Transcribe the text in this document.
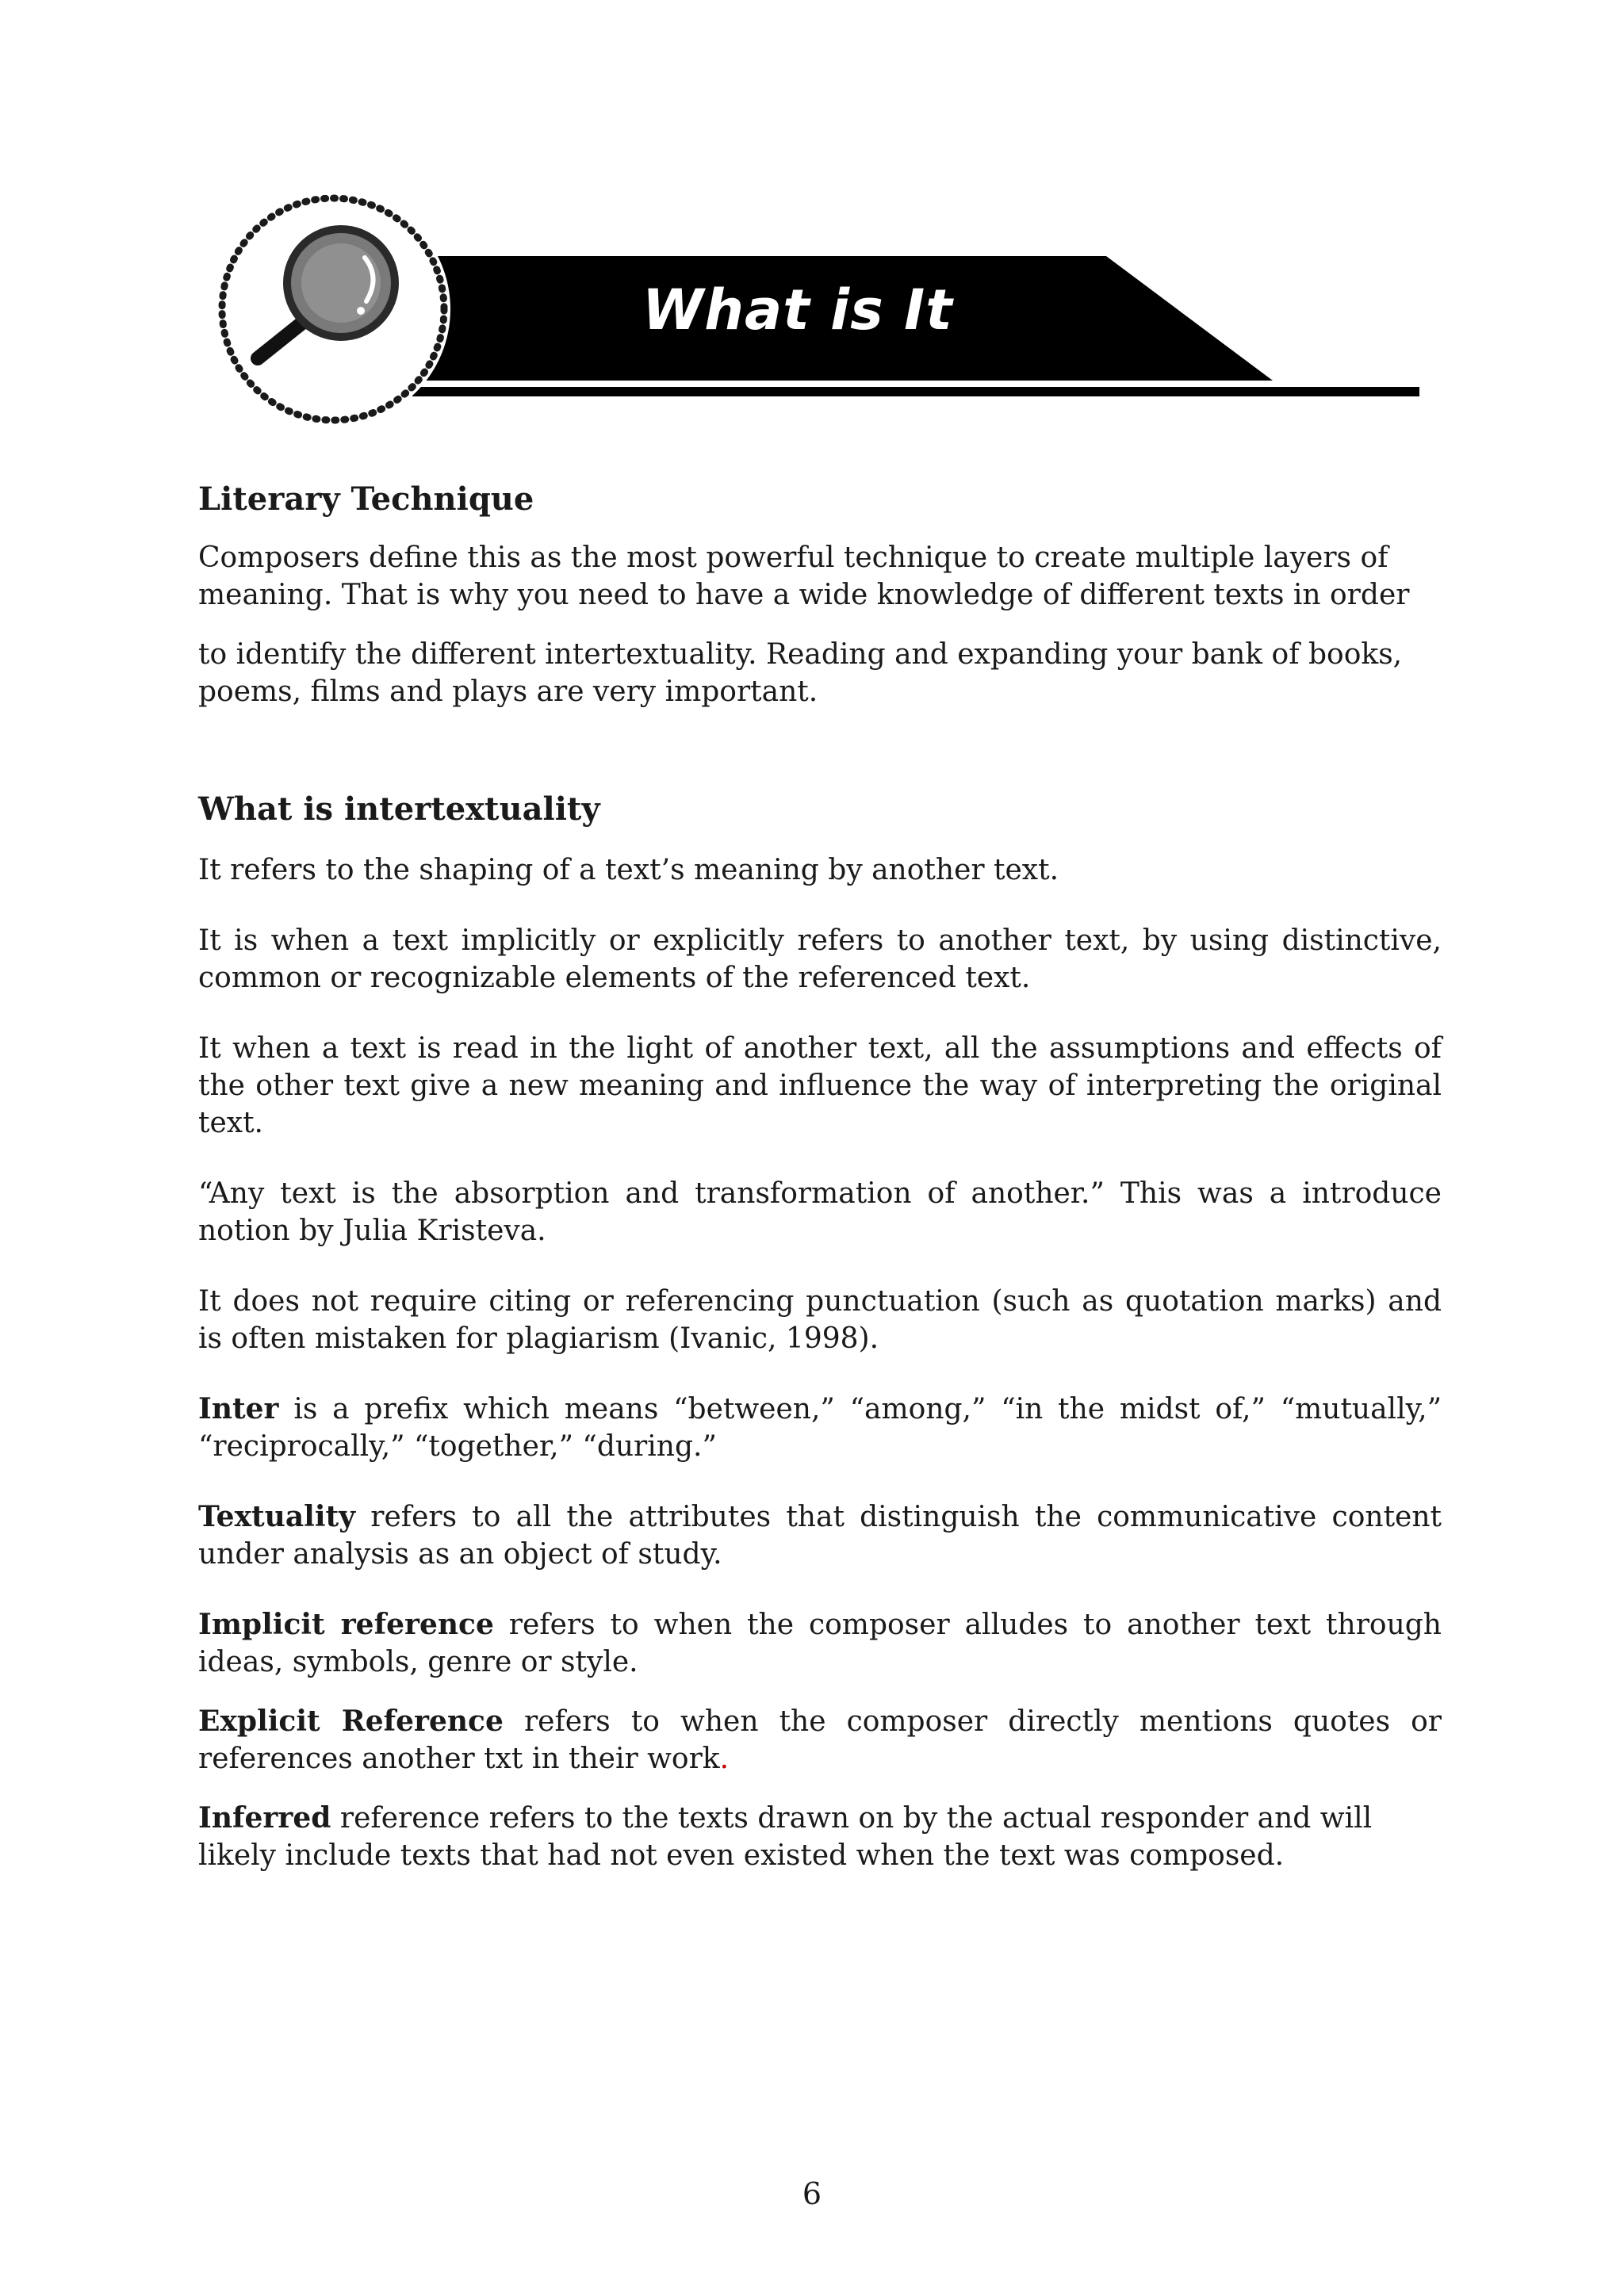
What is It
Literary Technique

Composers define this as the most powerful technique to create multiple layers of meaning. That is why you need to have a wide knowledge of different texts in order

to identify the different intertextuality. Reading and expanding your bank of books, poems, films and plays are very important.

What is intertextuality

It refers to the shaping of a text’s meaning by another text.

It is when a text implicitly or explicitly refers to another text, by using distinctive, common or recognizable elements of the referenced text.

It when a text is read in the light of another text, all the assumptions and effects of the other text give a new meaning and influence the way of interpreting the original text.

“Any text is the absorption and transformation of another.” This was a introduce notion by Julia Kristeva.

It does not require citing or referencing punctuation (such as quotation marks) and is often mistaken for plagiarism (Ivanic, 1998).

Inter is a prefix which means “between,” “among,” “in the midst of,” “mutually,” “reciprocally,” “together,” “during.”

Textuality refers to all the attributes that distinguish the communicative content under analysis as an object of study.

Implicit reference refers to when the composer alludes to another text through ideas, symbols, genre or style.

Explicit Reference refers to when the composer directly mentions quotes or references another txt in their work.

Inferred reference refers to the texts drawn on by the actual responder and will likely include texts that had not even existed when the text was composed.

6
